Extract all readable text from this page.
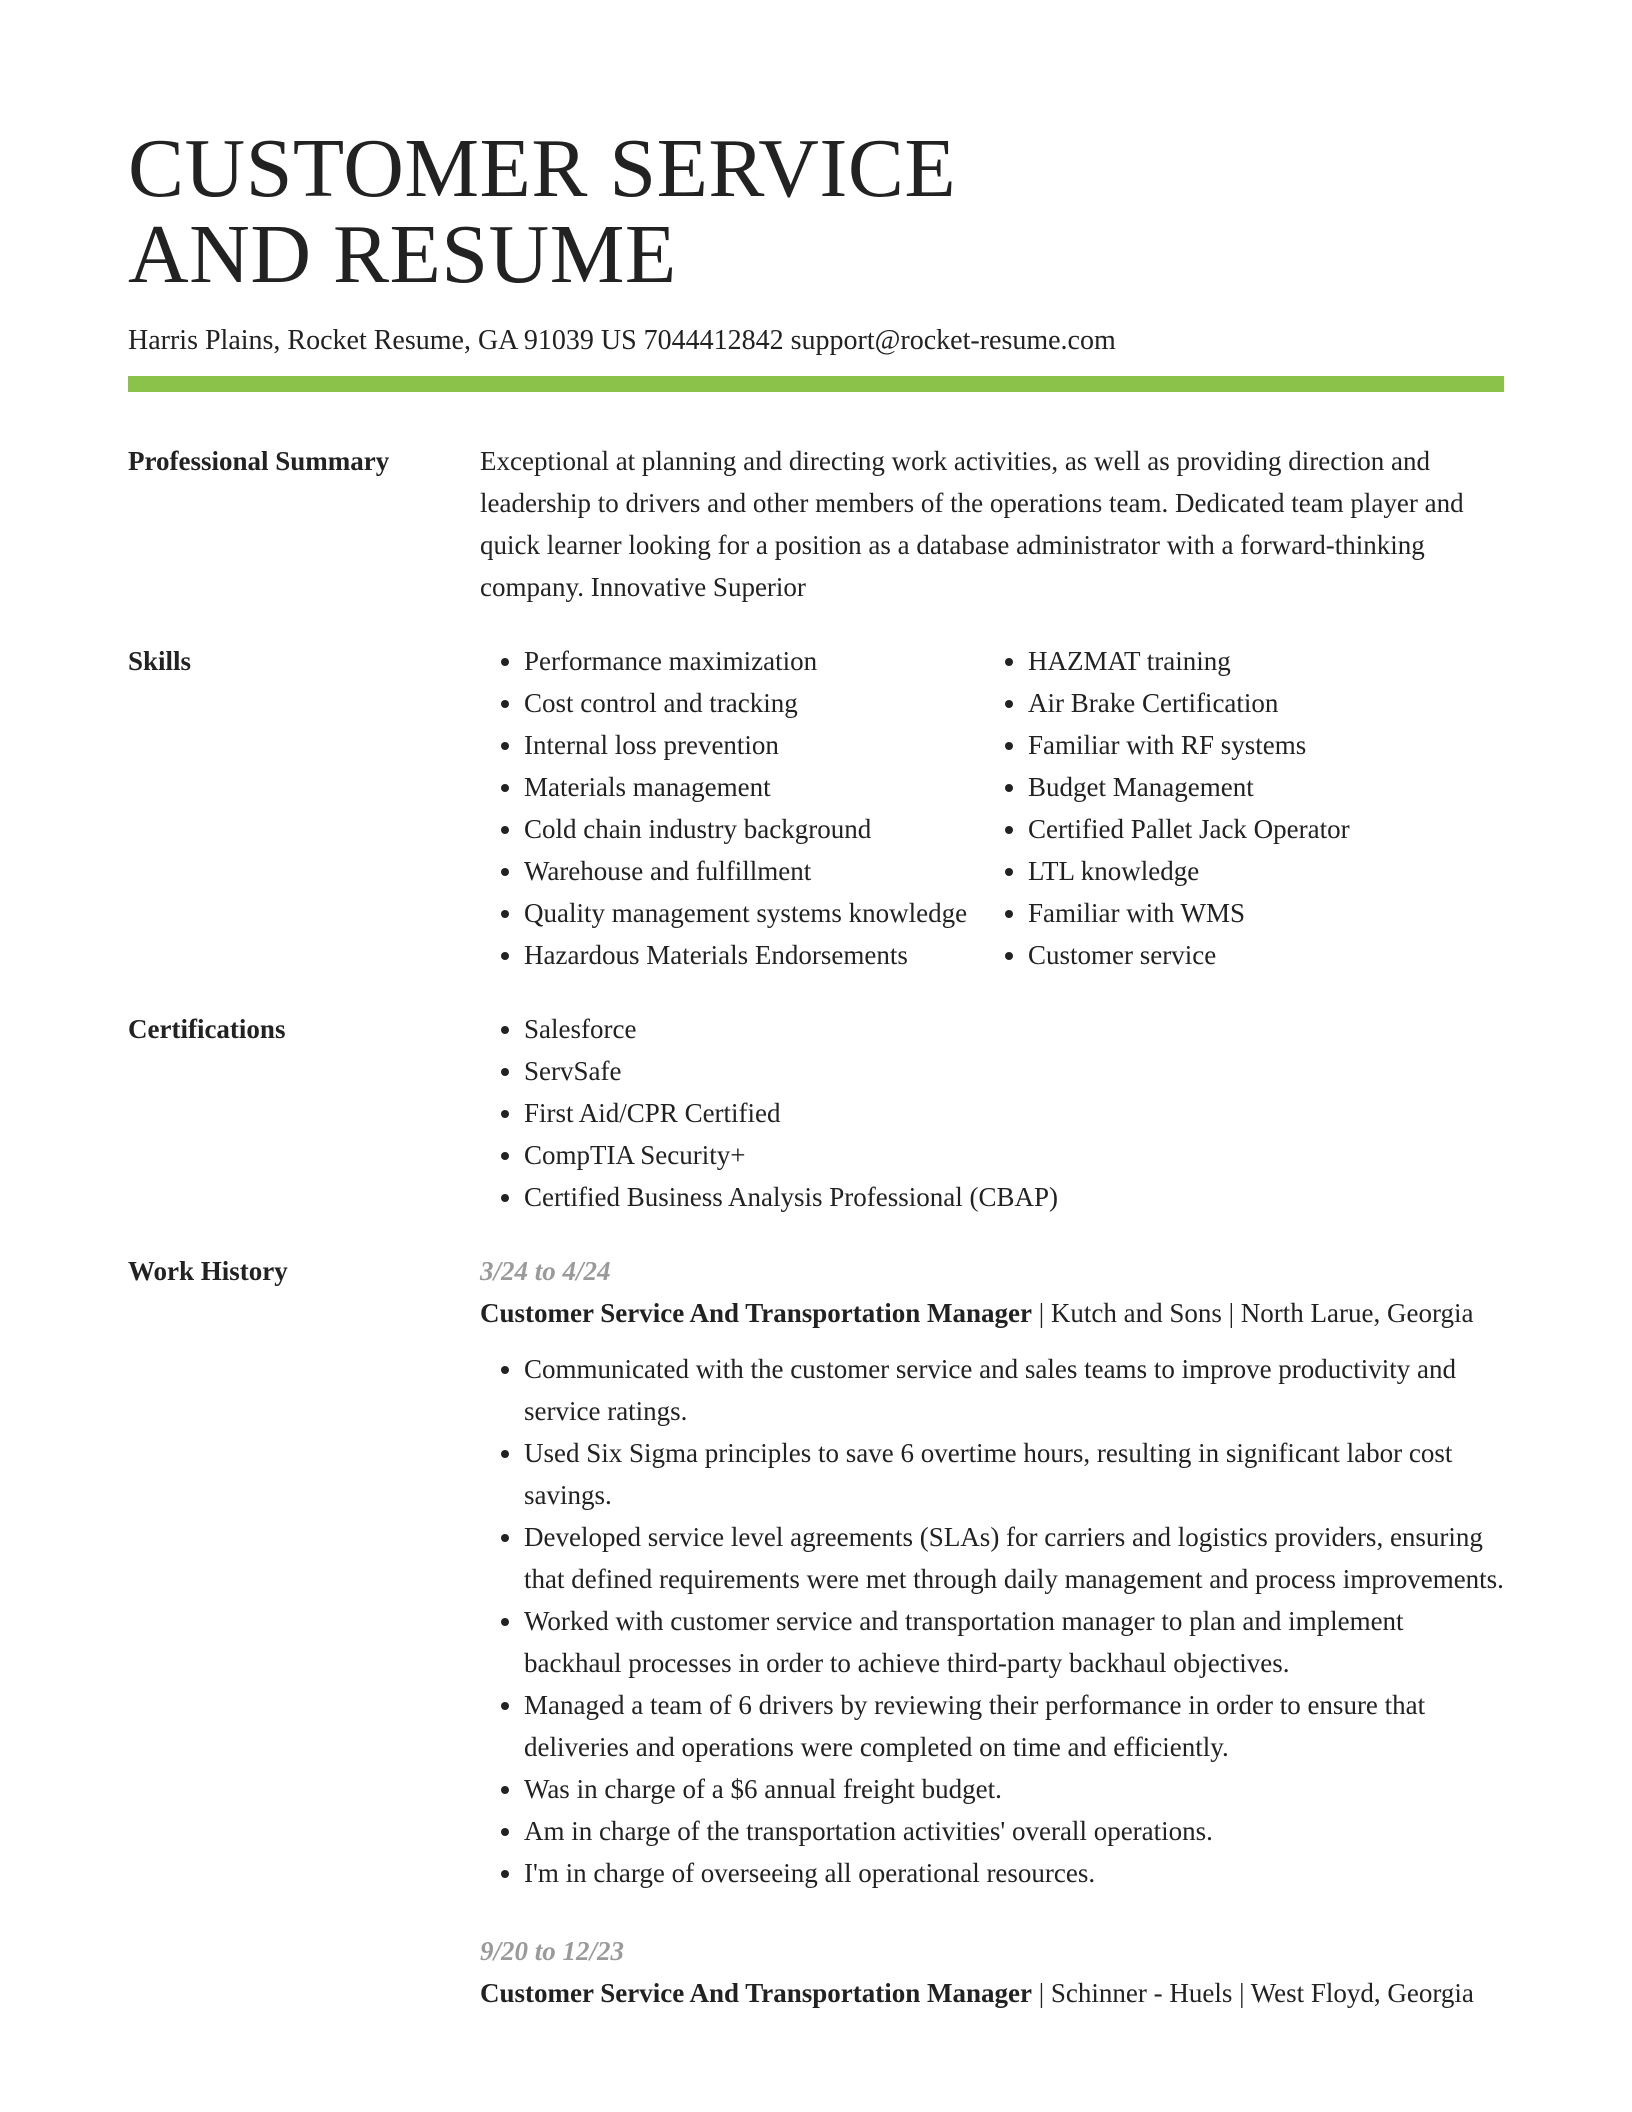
CUSTOMER SERVICE
AND RESUME
Harris Plains, Rocket Resume, GA 91039 US 7044412842 support@rocket-resume.com
Professional Summary	Exceptional at planning and directing work activities, as well as providing direction and leadership to drivers and other members of the operations team. Dedicated team player and quick learner looking for a position as a database administrator with a forward-thinking company. Innovative Superior

Skills	• Performance maximization
• Cost control and tracking
• Internal loss prevention
• Materials management
• Cold chain industry background
• Warehouse and fulfillment
• Quality management systems knowledge
• Hazardous Materials Endorsements
• HAZMAT training
• Air Brake Certification
• Familiar with RF systems
• Budget Management
• Certified Pallet Jack Operator
• LTL knowledge
• Familiar with WMS
• Customer service
Certifications	• Salesforce
• ServSafe
• First Aid/CPR Certified
• CompTIA Security+
• Certified Business Analysis Professional (CBAP)
Work History	3/24 to 4/24
Customer Service And Transportation Manager | Kutch and Sons | North Larue, Georgia
• Communicated with the customer service and sales teams to improve productivity and service ratings.
• Used Six Sigma principles to save 6 overtime hours, resulting in significant labor cost savings.
• Developed service level agreements (SLAs) for carriers and logistics providers, ensuring that defined requirements were met through daily management and process improvements.
• Worked with customer service and transportation manager to plan and implement backhaul processes in order to achieve third-party backhaul objectives.
• Managed a team of 6 drivers by reviewing their performance in order to ensure that deliveries and operations were completed on time and efficiently.
• Was in charge of a $6 annual freight budget.
• Am in charge of the transportation activities' overall operations.
• I'm in charge of overseeing all operational resources.
9/20 to 12/23
Customer Service And Transportation Manager | Schinner - Huels | West Floyd, Georgia
